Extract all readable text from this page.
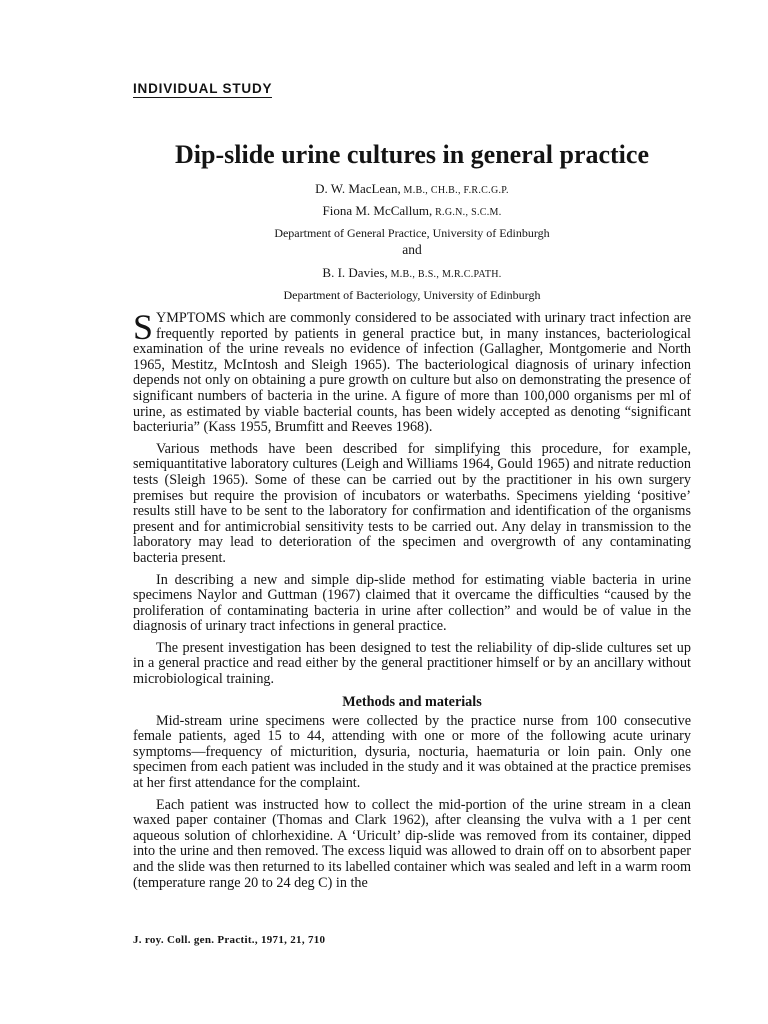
INDIVIDUAL STUDY
Dip-slide urine cultures in general practice
D. W. MacLean, M.B., CH.B., F.R.C.G.P.
Fiona M. McCallum, R.G.N., S.C.M.
Department of General Practice, University of Edinburgh
and
B. I. Davies, M.B., B.S., M.R.C.PATH.
Department of Bacteriology, University of Edinburgh

SYMPTOMS which are commonly considered to be associated with urinary tract infection are frequently reported by patients in general practice but, in many instances, bacteriological examination of the urine reveals no evidence of infection (Gallagher, Montgomerie and North 1965, Mestitz, McIntosh and Sleigh 1965). The bacteriological diagnosis of urinary infection depends not only on obtaining a pure growth on culture but also on demonstrating the presence of significant numbers of bacteria in the urine. A figure of more than 100,000 organisms per ml of urine, as estimated by viable bacterial counts, has been widely accepted as denoting “significant bacteriuria” (Kass 1955, Brumfitt and Reeves 1968).

Various methods have been described for simplifying this procedure, for example, semiquantitative laboratory cultures (Leigh and Williams 1964, Gould 1965) and nitrate reduction tests (Sleigh 1965). Some of these can be carried out by the practitioner in his own surgery premises but require the provision of incubators or waterbaths. Specimens yielding ‘positive’ results still have to be sent to the laboratory for confirmation and identification of the organisms present and for antimicrobial sensitivity tests to be carried out. Any delay in transmission to the laboratory may lead to deterioration of the specimen and overgrowth of any contaminating bacteria present.

In describing a new and simple dip-slide method for estimating viable bacteria in urine specimens Naylor and Guttman (1967) claimed that it overcame the difficulties “caused by the proliferation of contaminating bacteria in urine after collection” and would be of value in the diagnosis of urinary tract infections in general practice.

The present investigation has been designed to test the reliability of dip-slide cultures set up in a general practice and read either by the general practitioner himself or by an ancillary without microbiological training.

Methods and materials

Mid-stream urine specimens were collected by the practice nurse from 100 consecutive female patients, aged 15 to 44, attending with one or more of the following acute urinary symptoms—frequency of micturition, dysuria, nocturia, haematuria or loin pain. Only one specimen from each patient was included in the study and it was obtained at the practice premises at her first attendance for the complaint.

Each patient was instructed how to collect the mid-portion of the urine stream in a clean waxed paper container (Thomas and Clark 1962), after cleansing the vulva with a 1 per cent aqueous solution of chlorhexidine. A ‘Uricult’ dip-slide was removed from its container, dipped into the urine and then removed. The excess liquid was allowed to drain off on to absorbent paper and the slide was then returned to its labelled container which was sealed and left in a warm room (temperature range 20 to 24 deg C) in the

J. roy. Coll. gen. Practit., 1971, 21, 710
